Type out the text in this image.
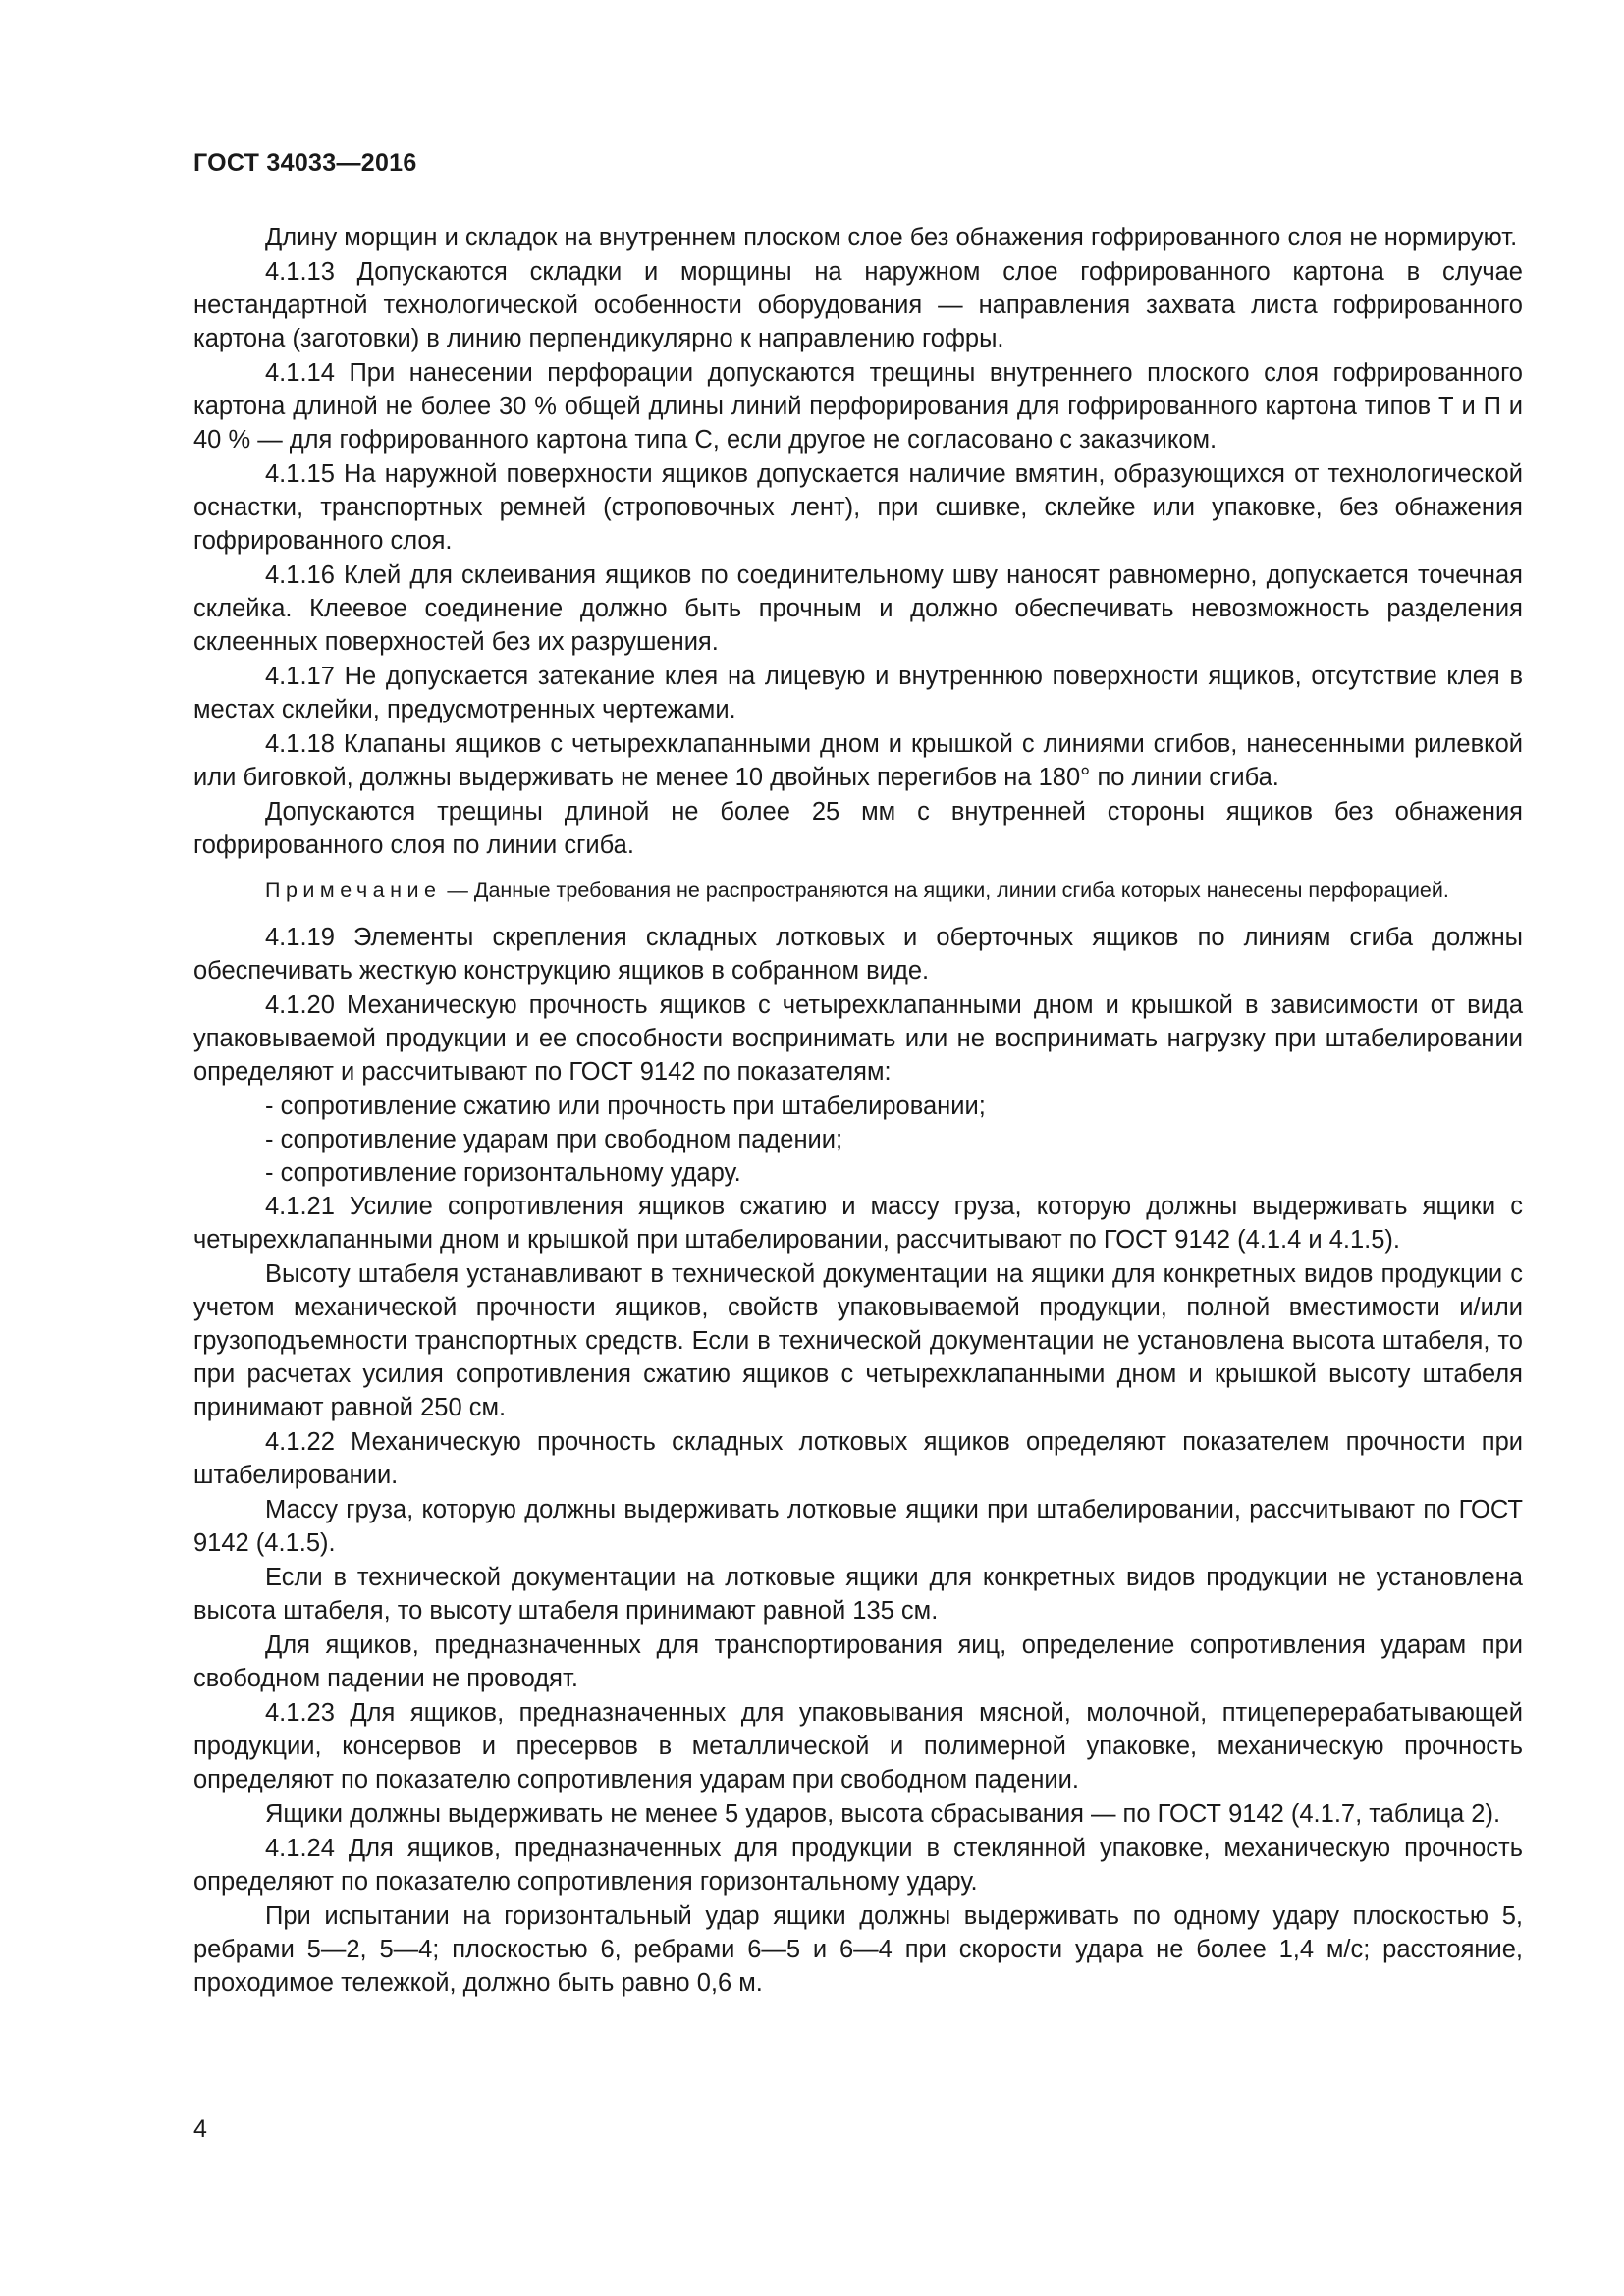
ГОСТ 34033—2016

Длину морщин и складок на внутреннем плоском слое без обнажения гофрированного слоя не нормируют.

4.1.13 Допускаются складки и морщины на наружном слое гофрированного картона в случае нестандартной технологической особенности оборудования — направления захвата листа гофрированного картона (заготовки) в линию перпендикулярно к направлению гофры.

4.1.14 При нанесении перфорации допускаются трещины внутреннего плоского слоя гофрированного картона длиной не более 30 % общей длины линий перфорирования для гофрированного картона типов Т и П и 40 % — для гофрированного картона типа С, если другое не согласовано с заказчиком.

4.1.15 На наружной поверхности ящиков допускается наличие вмятин, образующихся от технологической оснастки, транспортных ремней (строповочных лент), при сшивке, склейке или упаковке, без обнажения гофрированного слоя.

4.1.16 Клей для склеивания ящиков по соединительному шву наносят равномерно, допускается точечная склейка. Клеевое соединение должно быть прочным и должно обеспечивать невозможность разделения склеенных поверхностей без их разрушения.

4.1.17 Не допускается затекание клея на лицевую и внутреннюю поверхности ящиков, отсутствие клея в местах склейки, предусмотренных чертежами.

4.1.18 Клапаны ящиков с четырехклапанными дном и крышкой с линиями сгибов, нанесенными рилевкой или биговкой, должны выдерживать не менее 10 двойных перегибов на 180° по линии сгиба.

Допускаются трещины длиной не более 25 мм с внутренней стороны ящиков без обнажения гофрированного слоя по линии сгиба.

Примечание — Данные требования не распространяются на ящики, линии сгиба которых нанесены перфорацией.

4.1.19 Элементы скрепления складных лотковых и оберточных ящиков по линиям сгиба должны обеспечивать жесткую конструкцию ящиков в собранном виде.

4.1.20 Механическую прочность ящиков с четырехклапанными дном и крышкой в зависимости от вида упаковываемой продукции и ее способности воспринимать или не воспринимать нагрузку при штабелировании определяют и рассчитывают по ГОСТ 9142 по показателям:

- сопротивление сжатию или прочность при штабелировании;

- сопротивление ударам при свободном падении;

- сопротивление горизонтальному удару.

4.1.21 Усилие сопротивления ящиков сжатию и массу груза, которую должны выдерживать ящики с четырехклапанными дном и крышкой при штабелировании, рассчитывают по ГОСТ 9142 (4.1.4 и 4.1.5).

Высоту штабеля устанавливают в технической документации на ящики для конкретных видов продукции с учетом механической прочности ящиков, свойств упаковываемой продукции, полной вместимости и/или грузоподъемности транспортных средств. Если в технической документации не установлена высота штабеля, то при расчетах усилия сопротивления сжатию ящиков с четырехклапанными дном и крышкой высоту штабеля принимают равной 250 см.

4.1.22 Механическую прочность складных лотковых ящиков определяют показателем прочности при штабелировании.

Массу груза, которую должны выдерживать лотковые ящики при штабелировании, рассчитывают по ГОСТ 9142 (4.1.5).

Если в технической документации на лотковые ящики для конкретных видов продукции не установлена высота штабеля, то высоту штабеля принимают равной 135 см.

Для ящиков, предназначенных для транспортирования яиц, определение сопротивления ударам при свободном падении не проводят.

4.1.23 Для ящиков, предназначенных для упаковывания мясной, молочной, птицеперерабатывающей продукции, консервов и пресервов в металлической и полимерной упаковке, механическую прочность определяют по показателю сопротивления ударам при свободном падении.

Ящики должны выдерживать не менее 5 ударов, высота сбрасывания — по ГОСТ 9142 (4.1.7, таблица 2).

4.1.24 Для ящиков, предназначенных для продукции в стеклянной упаковке, механическую прочность определяют по показателю сопротивления горизонтальному удару.

При испытании на горизонтальный удар ящики должны выдерживать по одному удару плоскостью 5, ребрами 5—2, 5—4; плоскостью 6, ребрами 6—5 и 6—4 при скорости удара не более 1,4 м/с; расстояние, проходимое тележкой, должно быть равно 0,6 м.

4
